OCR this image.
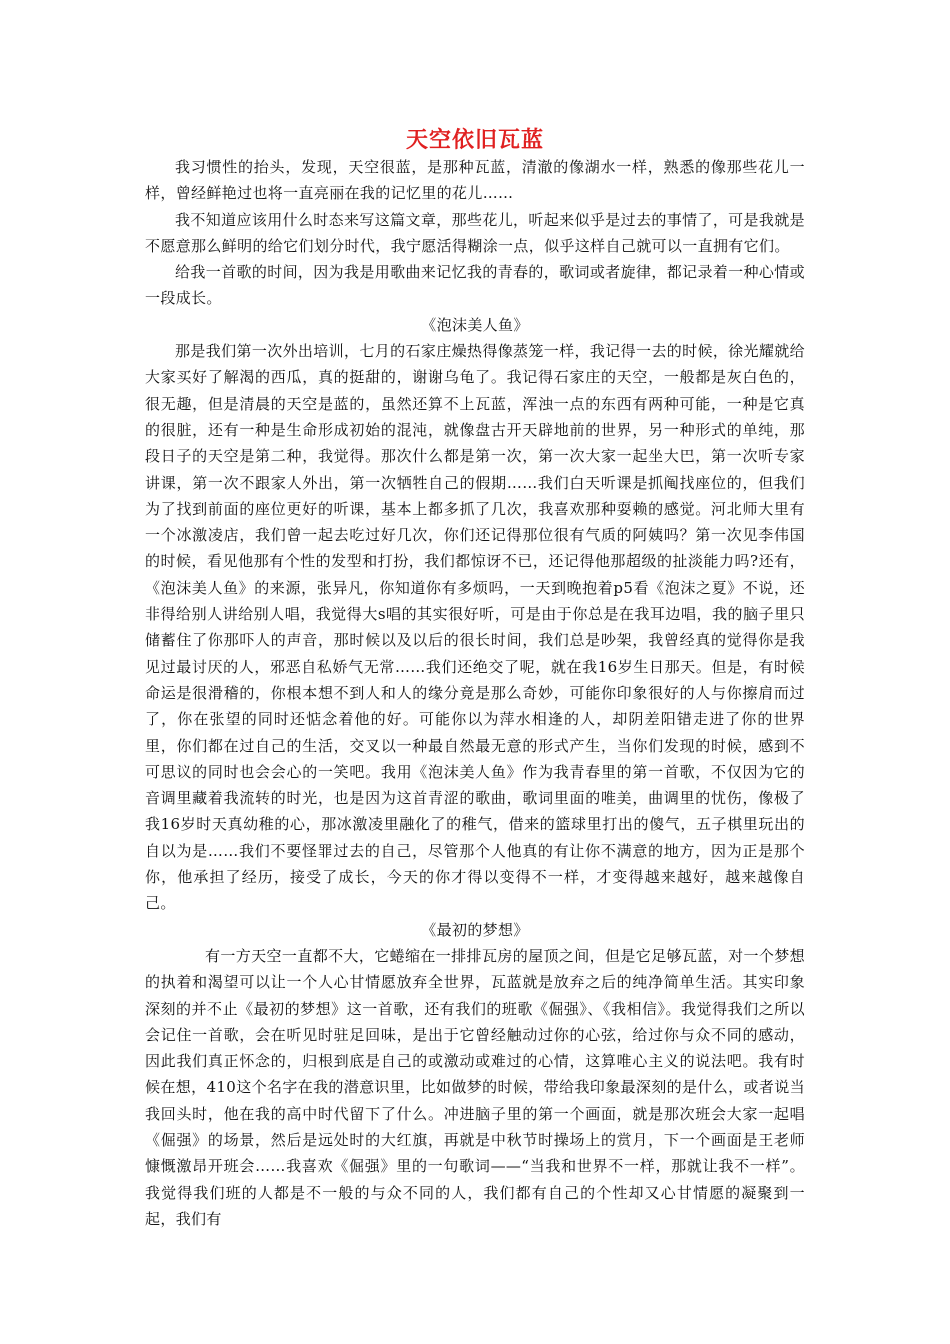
天空依旧瓦蓝

我习惯性的抬头，发现，天空很蓝，是那种瓦蓝，清澈的像湖水一样，熟悉的像那些花儿一样，曾经鲜艳过也将一直亮丽在我的记忆里的花儿……

我不知道应该用什么时态来写这篇文章，那些花儿，听起来似乎是过去的事情了，可是我就是不愿意那么鲜明的给它们划分时代，我宁愿活得糊涂一点，似乎这样自己就可以一直拥有它们。

给我一首歌的时间，因为我是用歌曲来记忆我的青春的，歌词或者旋律，都记录着一种心情或一段成长。

《泡沫美人鱼》

那是我们第一次外出培训，七月的石家庄燥热得像蒸笼一样，我记得一去的时候，徐光耀就给大家买好了解渴的西瓜，真的挺甜的，谢谢乌龟了。我记得石家庄的天空，一般都是灰白色的，很无趣，但是清晨的天空是蓝的，虽然还算不上瓦蓝，浑浊一点的东西有两种可能，一种是它真的很脏，还有一种是生命形成初始的混沌，就像盘古开天辟地前的世界，另一种形式的单纯，那段日子的天空是第二种，我觉得。那次什么都是第一次，第一次大家一起坐大巴，第一次听专家讲课，第一次不跟家人外出，第一次牺牲自己的假期……我们白天听课是抓阄找座位的，但我们为了找到前面的座位更好的听课，基本上都多抓了几次，我喜欢那种耍赖的感觉。河北师大里有一个冰激凌店，我们曾一起去吃过好几次，你们还记得那位很有气质的阿姨吗？第一次见李伟国的时候，看见他那有个性的发型和打扮，我们都惊讶不已，还记得他那超级的扯淡能力吗?还有，《泡沫美人鱼》的来源，张异凡，你知道你有多烦吗，一天到晚抱着p5看《泡沫之夏》不说，还非得给别人讲给别人唱，我觉得大s唱的其实很好听，可是由于你总是在我耳边唱，我的脑子里只储蓄住了你那吓人的声音，那时候以及以后的很长时间，我们总是吵架，我曾经真的觉得你是我见过最讨厌的人，邪恶自私娇气无常……我们还绝交了呢，就在我16岁生日那天。但是，有时候命运是很滑稽的，你根本想不到人和人的缘分竟是那么奇妙，可能你印象很好的人与你擦肩而过了，你在张望的同时还惦念着他的好。可能你以为萍水相逢的人，却阴差阳错走进了你的世界里，你们都在过自己的生活，交叉以一种最自然最无意的形式产生，当你们发现的时候，感到不可思议的同时也会会心的一笑吧。我用《泡沫美人鱼》作为我青春里的第一首歌，不仅因为它的音调里藏着我流转的时光，也是因为这首青涩的歌曲，歌词里面的唯美，曲调里的忧伤，像极了我16岁时天真幼稚的心，那冰激凌里融化了的稚气，借来的篮球里打出的傻气，五子棋里玩出的自以为是……我们不要怪罪过去的自己，尽管那个人他真的有让你不满意的地方，因为正是那个你，他承担了经历，接受了成长，今天的你才得以变得不一样，才变得越来越好，越来越像自己。

《最初的梦想》

有一方天空一直都不大，它蜷缩在一排排瓦房的屋顶之间，但是它足够瓦蓝，对一个梦想的执着和渴望可以让一个人心甘情愿放弃全世界，瓦蓝就是放弃之后的纯净简单生活。其实印象深刻的并不止《最初的梦想》这一首歌，还有我们的班歌《倔强》、《我相信》。我觉得我们之所以会记住一首歌，会在听见时驻足回味，是出于它曾经触动过你的心弦，给过你与众不同的感动，因此我们真正怀念的，归根到底是自己的或激动或难过的心情，这算唯心主义的说法吧。我有时候在想，410这个名字在我的潜意识里，比如做梦的时候，带给我印象最深刻的是什么，或者说当我回头时，他在我的高中时代留下了什么。冲进脑子里的第一个画面，就是那次班会大家一起唱《倔强》的场景，然后是远处时的大红旗，再就是中秋节时操场上的赏月，下一个画面是王老师慷慨激昂开班会……我喜欢《倔强》里的一句歌词——“当我和世界不一样，那就让我不一样”。我觉得我们班的人都是不一般的与众不同的人，我们都有自己的个性却又心甘情愿的凝聚到一起，我们有
